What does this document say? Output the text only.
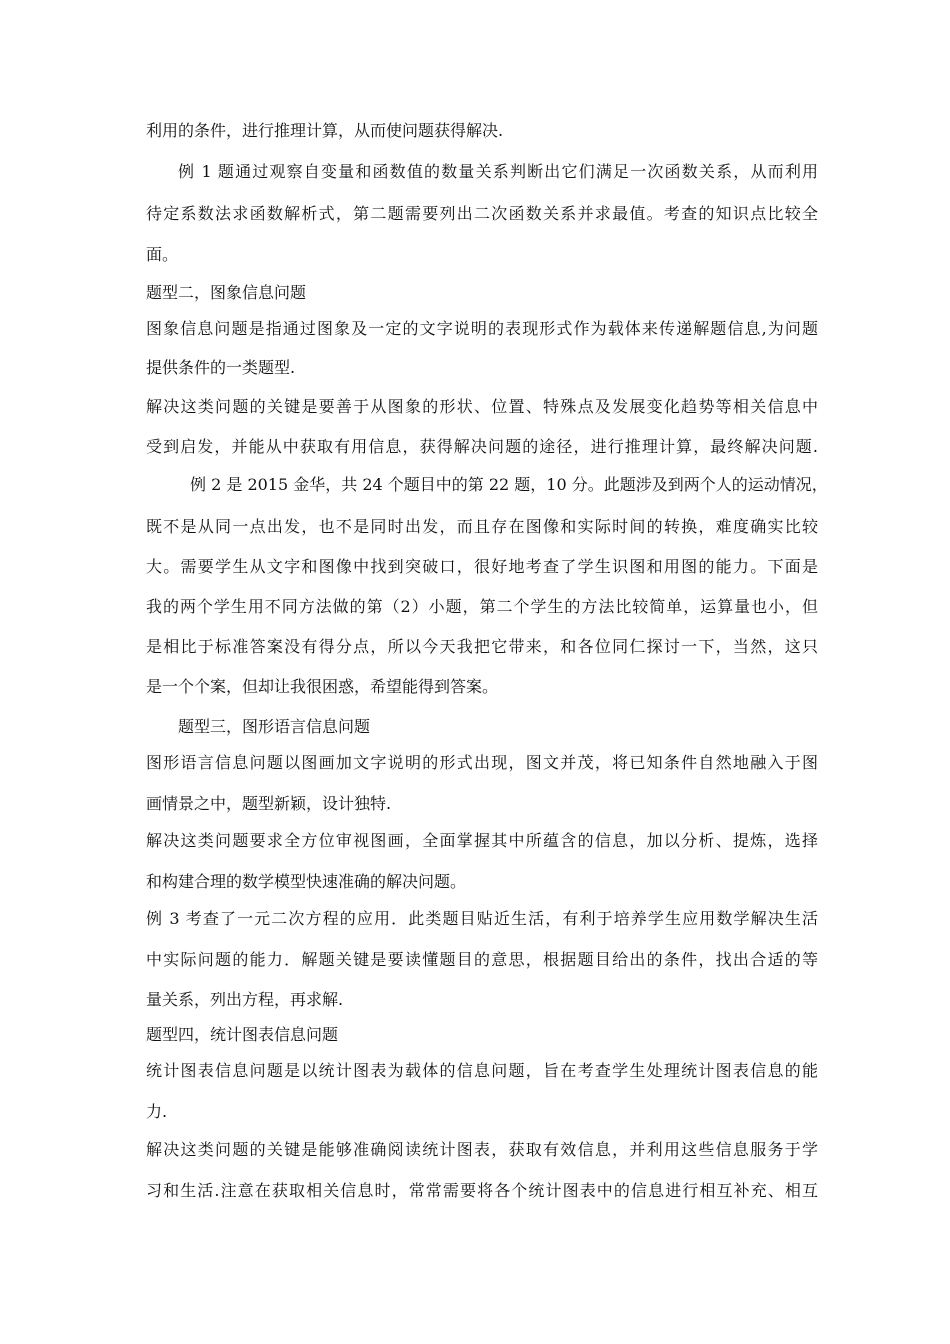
利用的条件，进行推理计算，从而使问题获得解决.
例 1 题通过观察自变量和函数值的数量关系判断出它们满足一次函数关系，从而利用
待定系数法求函数解析式，第二题需要列出二次函数关系并求最值。考查的知识点比较全
面。
题型二，图象信息问题
图象信息问题是指通过图象及一定的文字说明的表现形式作为载体来传递解题信息,为问题
提供条件的一类题型.
解决这类问题的关键是要善于从图象的形状、位置、特殊点及发展变化趋势等相关信息中
受到启发，并能从中获取有用信息，获得解决问题的途径，进行推理计算，最终解决问题.
例 2 是 2015 金华，共 24 个题目中的第 22 题，10 分。此题涉及到两个人的运动情况，
既不是从同一点出发，也不是同时出发，而且存在图像和实际时间的转换，难度确实比较
大。需要学生从文字和图像中找到突破口，很好地考查了学生识图和用图的能力。下面是
我的两个学生用不同方法做的第（2）小题，第二个学生的方法比较简单，运算量也小，但
是相比于标准答案没有得分点，所以今天我把它带来，和各位同仁探讨一下，当然，这只
是一个个案，但却让我很困惑，希望能得到答案。
题型三，图形语言信息问题
图形语言信息问题以图画加文字说明的形式出现，图文并茂，将已知条件自然地融入于图
画情景之中，题型新颖，设计独特.
解决这类问题要求全方位审视图画，全面掌握其中所蕴含的信息，加以分析、提炼，选择
和构建合理的数学模型快速准确的解决问题。
例 3 考查了一元二次方程的应用．此类题目贴近生活，有利于培养学生应用数学解决生活
中实际问题的能力．解题关键是要读懂题目的意思，根据题目给出的条件，找出合适的等
量关系，列出方程，再求解.
题型四，统计图表信息问题
统计图表信息问题是以统计图表为载体的信息问题，旨在考查学生处理统计图表信息的能
力.
解决这类问题的关键是能够准确阅读统计图表，获取有效信息，并利用这些信息服务于学
习和生活.注意在获取相关信息时，常常需要将各个统计图表中的信息进行相互补充、相互
